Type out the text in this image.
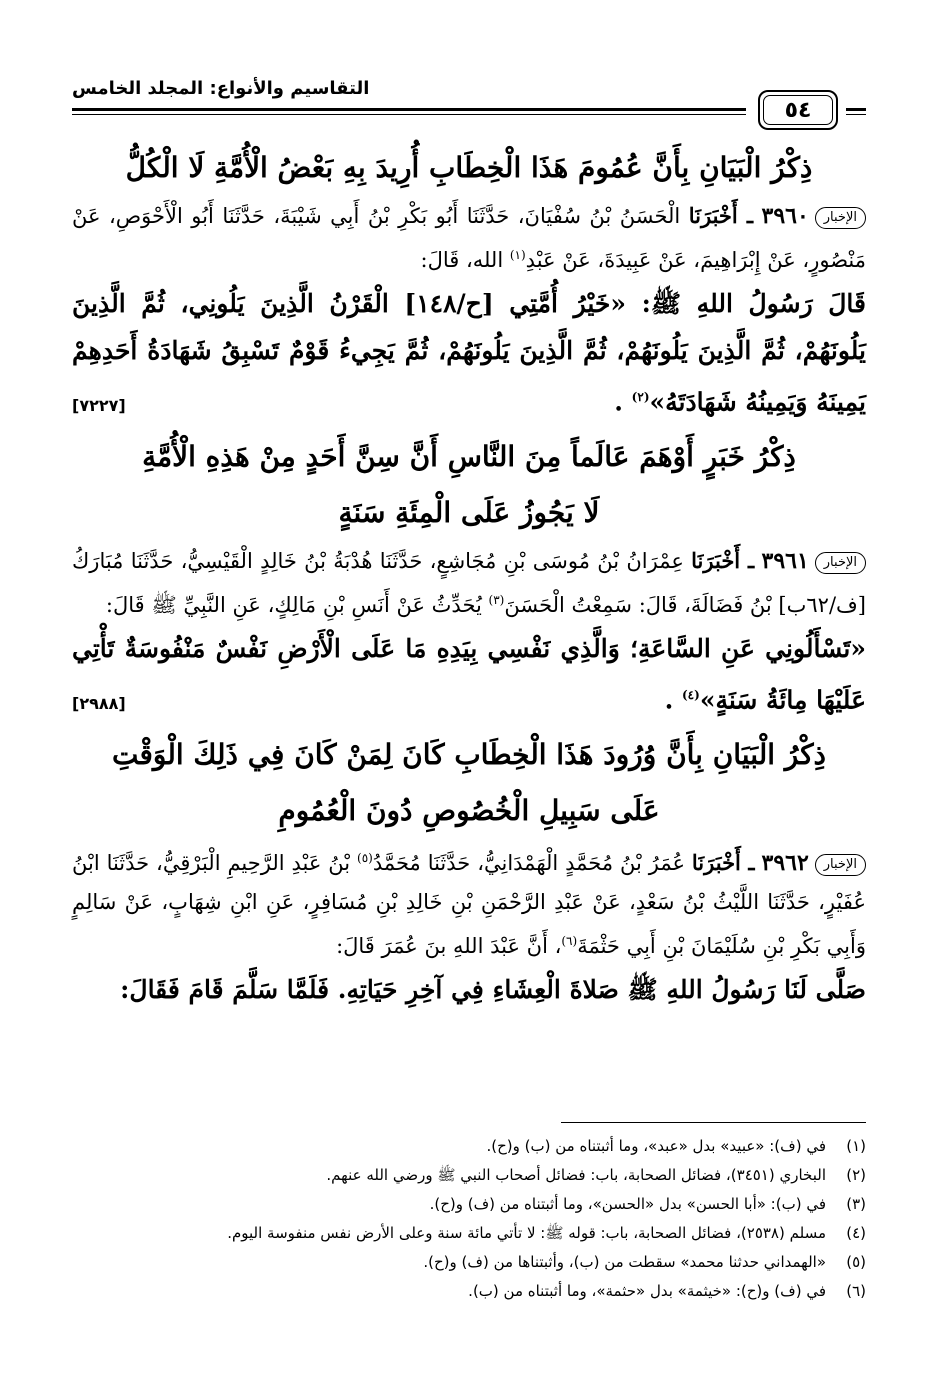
التقاسيم والأنواع: المجلد الخامس
٥٤
ذِكْرُ الْبَيَانِ بِأَنَّ عُمُومَ هَذَا الْخِطَابِ أُرِيدَ بِهِ بَعْضُ الْأُمَّةِ لَا الْكُلُّ

الإخبار٣٩٦٠ ـ أَخْبَرَنَا الْحَسَنُ بْنُ سُفْيَانَ، حَدَّثَنَا أَبُو بَكْرِ بْنُ أَبِي شَيْبَةَ، حَدَّثَنَا أَبُو الْأَحْوَصِ، عَنْ مَنْصُورٍ، عَنْ إِبْرَاهِيمَ، عَنْ عَبِيدَةَ، عَنْ عَبْدِ$^{(١)}$ الله، قَالَ:

قَالَ رَسُولُ اللهِ ﷺ: «خَيْرُ أُمَّتِي [ح/١٤٨] الْقَرْنُ الَّذِينَ يَلُونِي، ثُمَّ الَّذِينَ يَلُونَهُمْ، ثُمَّ الَّذِينَ يَلُونَهُمْ، ثُمَّ الَّذِينَ يَلُونَهُمْ، ثُمَّ يَجِيءُ قَوْمٌ تَسْبِقُ شَهَادَةُ أَحَدِهِمْ يَمِينَهُ وَيَمِينُهُ شَهَادَتَهُ»$^{(٢)}$ .
[٧٢٢٧]

ذِكْرُ خَبَرٍ أَوْهَمَ عَالَماً مِنَ النَّاسِ أَنَّ سِنَّ أَحَدٍ مِنْ هَذِهِ الْأُمَّةِ
لَا يَجُوزُ عَلَى الْمِئَةِ سَنَةٍ

الإخبار٣٩٦١ ـ أَخْبَرَنَا عِمْرَانُ بْنُ مُوسَى بْنِ مُجَاشِعٍ، حَدَّثَنَا هُدْبَةُ بْنُ خَالِدٍ الْقَيْسِيُّ، حَدَّثَنَا مُبَارَكُ [ف/٦٢ب] بْنُ فَضَالَةَ، قَالَ: سَمِعْتُ الْحَسَنَ$^{(٣)}$ يُحَدِّثُ عَنْ أَنَسِ بْنِ مَالِكٍ، عَنِ النَّبِيِّ ﷺ قَالَ:

«تَسْأَلُونِي عَنِ السَّاعَةِ؛ وَالَّذِي نَفْسِي بِيَدِهِ مَا عَلَى الْأَرْضِ نَفْسٌ مَنْفُوسَةٌ تَأْتِي عَلَيْهَا مِائَةُ سَنَةٍ»$^{(٤)}$ .
[٢٩٨٨]

ذِكْرُ الْبَيَانِ بِأَنَّ وُرُودَ هَذَا الْخِطَابِ كَانَ لِمَنْ كَانَ فِي ذَلِكَ الْوَقْتِ
عَلَى سَبِيلِ الْخُصُوصِ دُونَ الْعُمُومِ

الإخبار٣٩٦٢ ـ أَخْبَرَنَا عُمَرُ بْنُ مُحَمَّدٍ الْهَمْدَانِيُّ، حَدَّثَنَا مُحَمَّدُ$^{(٥)}$ بْنُ عَبْدِ الرَّحِيمِ الْبَرْقِيُّ، حَدَّثَنَا ابْنُ عُفَيْرٍ، حَدَّثَنَا اللَّيْثُ بْنُ سَعْدٍ، عَنْ عَبْدِ الرَّحْمَنِ بْنِ خَالِدِ بْنِ مُسَافِرٍ، عَنِ ابْنِ شِهَابٍ، عَنْ سَالِمٍ وَأَبِي بَكْرِ بْنِ سُلَيْمَانَ بْنِ أَبِي حَثْمَةَ$^{(٦)}$، أَنَّ عَبْدَ اللهِ بنَ عُمَرَ قَالَ:

صَلَّى لَنَا رَسُولُ اللهِ ﷺ صَلاةَ الْعِشَاءِ فِي آخِرِ حَيَاتِهِ. فَلَمَّا سَلَّمَ قَامَ فَقَالَ:

(١)في (ف): «عبيد» بدل «عبد»، وما أثبتناه من (ب) و(ح).
(٢)البخاري (٣٤٥١)، فضائل الصحابة، باب: فضائل أصحاب النبي ﷺ ورضي الله عنهم.
(٣)في (ب): «أبا الحسن» بدل «الحسن»، وما أثبتناه من (ف) و(ح).
(٤)مسلم (٢٥٣٨)، فضائل الصحابة، باب: قوله ﷺ: لا تأتي مائة سنة وعلى الأرض نفس منفوسة اليوم.
(٥)«الهمداني حدثنا محمد» سقطت من (ب)، وأثبتناها من (ف) و(ح).
(٦)في (ف) و(ح): «خيثمة» بدل «حثمة»، وما أثبتناه من (ب).
